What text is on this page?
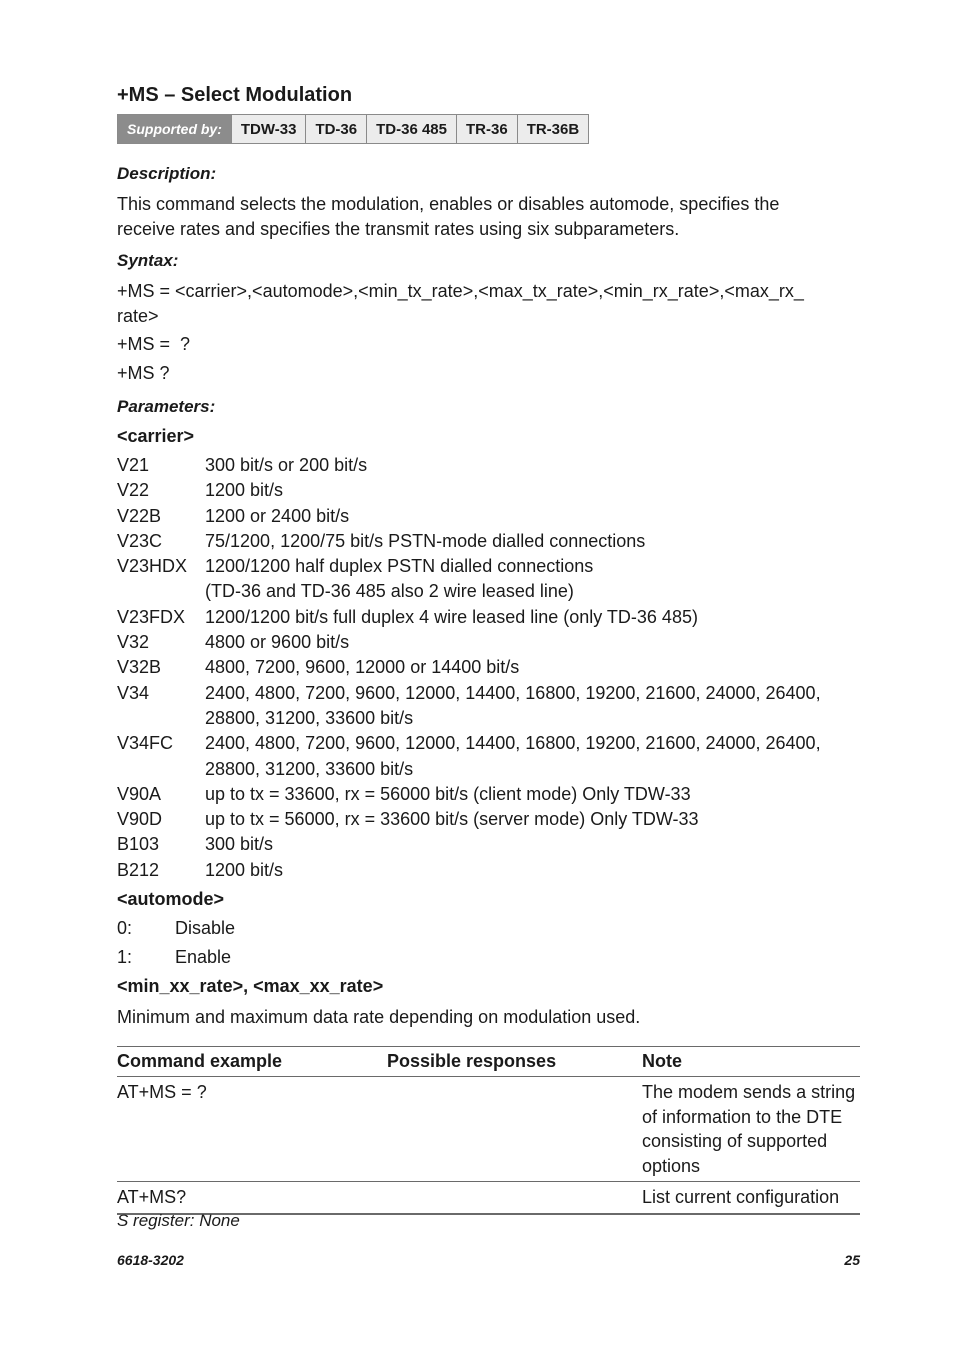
+MS – Select Modulation
Supported by:	TDW-33	TD-36	TD-36 485	TR-36	TR-36B
Description:
This command selects the modulation, enables or disables automode, specifies the receive rates and specifies the transmit rates using six subparameters.
Syntax:
+MS = <carrier>,<automode>,<min_tx_rate>,<max_tx_rate>,<min_rx_rate>,<max_rx_
rate>
+MS =  ?
+MS ?
Parameters:
<carrier>
V21	300 bit/s or 200 bit/s
V22	1200 bit/s
V22B	1200 or 2400 bit/s
V23C	75/1200, 1200/75 bit/s PSTN-mode dialled connections
V23HDX 1200/1200 half duplex PSTN dialled connections
(TD-36 and TD-36 485 also 2 wire leased line)
V23FDX	1200/1200 bit/s full duplex 4 wire leased line (only TD-36 485)
V32	4800 or 9600 bit/s
V32B	4800, 7200, 9600, 12000 or 14400 bit/s
V34	2400, 4800, 7200, 9600, 12000, 14400, 16800, 19200, 21600, 24000, 26400,
28800, 31200, 33600 bit/s
V34FC	2400, 4800, 7200, 9600, 12000, 14400, 16800, 19200, 21600, 24000, 26400,
28800, 31200, 33600 bit/s
V90A	up to tx = 33600, rx = 56000 bit/s (client mode) Only TDW-33
V90D	up to tx = 56000, rx = 33600 bit/s (server mode) Only TDW-33
B103	300 bit/s
B212	1200 bit/s
<automode>
0:	Disable
1:	Enable
<min_xx_rate>, <max_xx_rate>
Minimum and maximum data rate depending on modulation used.
Command example	Possible responses	Note
AT+MS = ?		The modem sends a string of information to the DTE consisting of supported options
AT+MS?		List current configuration
S register: None
6618-3202	25
